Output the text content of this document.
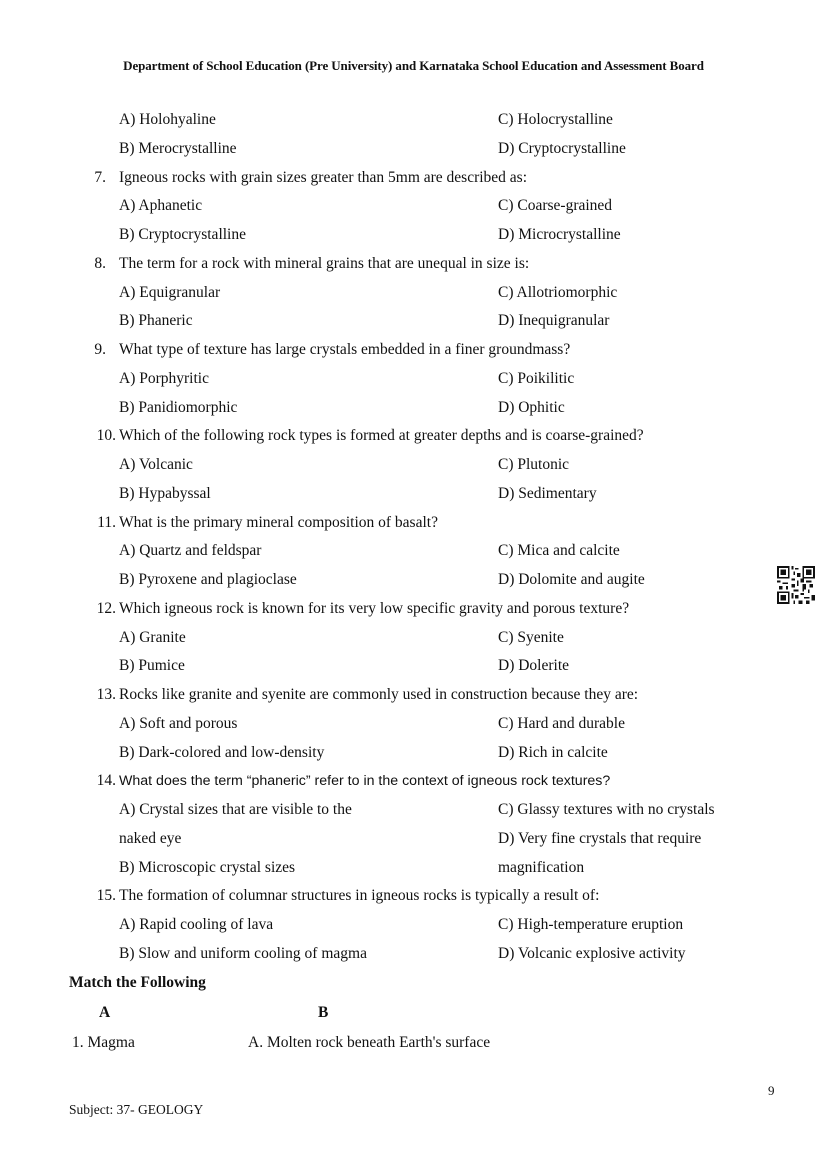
Department of School Education (Pre University) and Karnataka School Education and Assessment Board
A) Holohyaline	C) Holocrystalline
B) Merocrystalline	D) Cryptocrystalline
7. Igneous rocks with grain sizes greater than 5mm are described as:
A) Aphanetic	C) Coarse-grained
B) Cryptocrystalline	D) Microcrystalline
8. The term for a rock with mineral grains that are unequal in size is:
A) Equigranular	C) Allotriomorphic
B) Phaneric	D) Inequigranular
9. What type of texture has large crystals embedded in a finer groundmass?
A) Porphyritic	C) Poikilitic
B) Panidiomorphic	D) Ophitic
10. Which of the following rock types is formed at greater depths and is coarse-grained?
A) Volcanic	C) Plutonic
B) Hypabyssal	D) Sedimentary
11. What is the primary mineral composition of basalt?
A) Quartz and feldspar	C) Mica and calcite
B) Pyroxene and plagioclase	D) Dolomite and augite
12. Which igneous rock is known for its very low specific gravity and porous texture?
A) Granite	C) Syenite
B) Pumice	D) Dolerite
13. Rocks like granite and syenite are commonly used in construction because they are:
A) Soft and porous	C) Hard and durable
B) Dark-colored and low-density	D) Rich in calcite
14. What does the term “phaneric” refer to in the context of igneous rock textures?
A) Crystal sizes that are visible to the	C) Glassy textures with no crystals
naked eye	D) Very fine crystals that require
B) Microscopic crystal sizes	magnification
15. The formation of columnar structures in igneous rocks is typically a result of:
A) Rapid cooling of lava	C) High-temperature eruption
B) Slow and uniform cooling of magma	D) Volcanic explosive activity
Match the Following
A	B
1. Magma	A. Molten rock beneath Earth's surface
9
Subject: 37- GEOLOGY
